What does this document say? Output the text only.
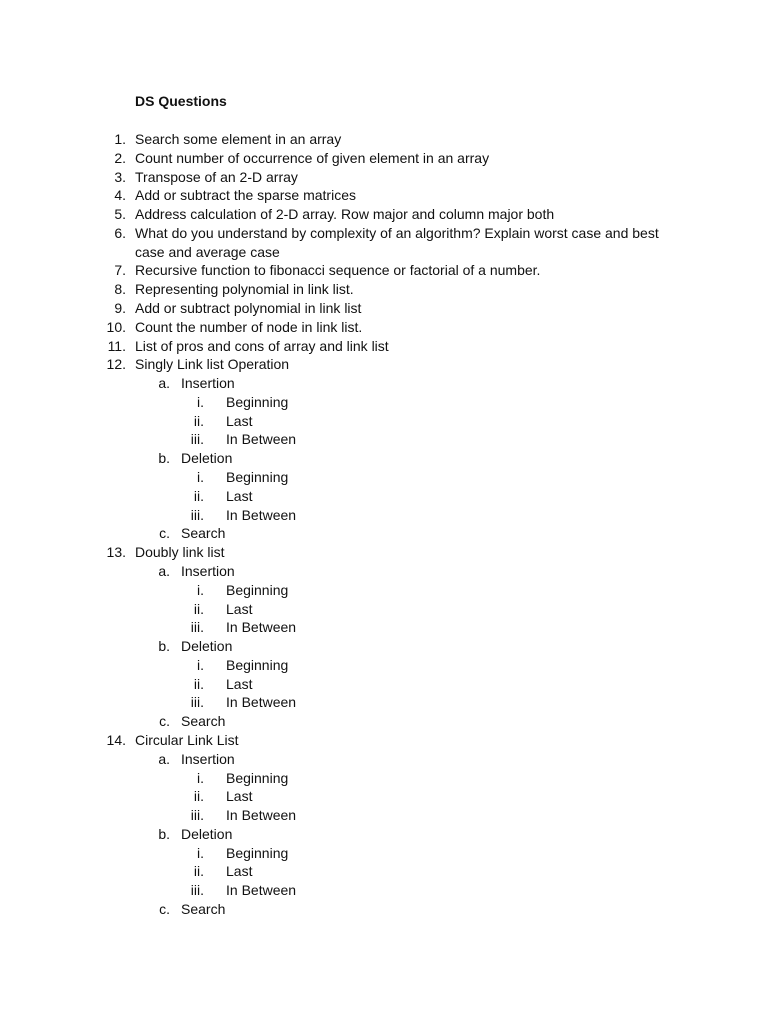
DS Questions
1. Search some element in an array
2. Count number of occurrence of given element in an array
3. Transpose of an 2-D array
4. Add or subtract the sparse matrices
5. Address calculation of 2-D array. Row major and column major both
6. What do you understand by complexity of an algorithm? Explain worst case and best
case and average case
7. Recursive function to fibonacci sequence or factorial of a number.
8. Representing polynomial in link list.
9. Add or subtract polynomial in link list
10. Count the number of node in link list.
11. List of pros and cons of array and link list
12. Singly Link list Operation
a. Insertion
i. Beginning
ii. Last
iii. In Between
b. Deletion
i. Beginning
ii. Last
iii. In Between
c. Search
13. Doubly link list
a. Insertion
i. Beginning
ii. Last
iii. In Between
b. Deletion
i. Beginning
ii. Last
iii. In Between
c. Search
14. Circular Link List
a. Insertion
i. Beginning
ii. Last
iii. In Between
b. Deletion
i. Beginning
ii. Last
iii. In Between
c. Search
